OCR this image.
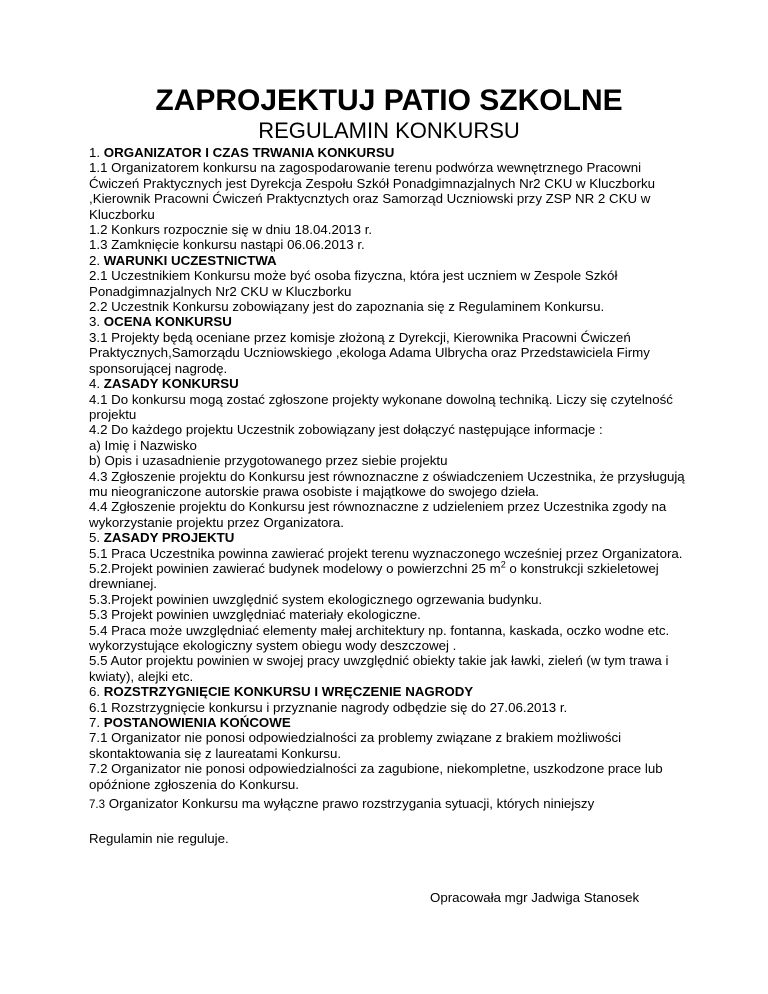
ZAPROJEKTUJ PATIO SZKOLNE
REGULAMIN KONKURSU

1. ORGANIZATOR I CZAS TRWANIA KONKURSU

1.1 Organizatorem konkursu na zagospodarowanie terenu podwórza wewnętrznego Pracowni Ćwiczeń Praktycznych jest Dyrekcja Zespołu Szkół Ponadgimnazjalnych Nr2 CKU w Kluczborku ,Kierownik Pracowni Ćwiczeń Praktycnztych oraz Samorząd Uczniowski przy ZSP NR 2 CKU w Kluczborku

1.2 Konkurs rozpocznie się w dniu 18.04.2013 r.

1.3 Zamknięcie konkursu nastąpi 06.06.2013 r.

2. WARUNKI UCZESTNICTWA

2.1 Uczestnikiem Konkursu może być osoba fizyczna, która jest uczniem w Zespole Szkół Ponadgimnazjalnych Nr2 CKU w Kluczborku

2.2 Uczestnik Konkursu zobowiązany jest do zapoznania się z Regulaminem Konkursu.

3. OCENA KONKURSU

3.1 Projekty będą oceniane przez komisje złożoną z Dyrekcji, Kierownika Pracowni Ćwiczeń Praktycznych,Samorządu Uczniowskiego ,ekologa Adama Ulbrycha oraz Przedstawiciela Firmy sponsorującej nagrodę.

4. ZASADY KONKURSU

4.1 Do konkursu mogą zostać zgłoszone projekty wykonane dowolną techniką. Liczy się czytelność projektu

4.2 Do każdego projektu Uczestnik zobowiązany jest dołączyć następujące informacje :

a) Imię i Nazwisko

b) Opis i uzasadnienie przygotowanego przez siebie projektu

4.3 Zgłoszenie projektu do Konkursu jest równoznaczne z oświadczeniem Uczestnika, że przysługują mu nieograniczone autorskie prawa osobiste i majątkowe do swojego dzieła.

4.4 Zgłoszenie projektu do Konkursu jest równoznaczne z udzieleniem przez Uczestnika zgody na wykorzystanie projektu przez Organizatora.

5. ZASADY PROJEKTU

5.1 Praca Uczestnika powinna zawierać projekt terenu wyznaczonego wcześniej przez Organizatora.

5.2.Projekt powinien zawierać budynek modelowy o powierzchni 25 $m^2$ o konstrukcji szkieletowej drewnianej.

5.3.Projekt powinien uwzględnić system ekologicznego ogrzewania budynku.

5.3 Projekt powinien uwzględniać materiały ekologiczne.

5.4 Praca może uwzględniać elementy małej architektury np. fontanna, kaskada, oczko wodne etc. wykorzystujące ekologiczny system obiegu wody deszczowej .

5.5 Autor projektu powinien w swojej pracy uwzględnić obiekty takie jak ławki, zieleń (w tym trawa i kwiaty), alejki etc.

6. ROZSTRZYGNIĘCIE KONKURSU I WRĘCZENIE NAGRODY

6.1 Rozstrzygnięcie konkursu i przyznanie nagrody odbędzie się do 27.06.2013 r.

7. POSTANOWIENIA KOŃCOWE

7.1 Organizator nie ponosi odpowiedzialności za problemy związane z brakiem możliwości skontaktowania się z laureatami Konkursu.

7.2 Organizator nie ponosi odpowiedzialności za zagubione, niekompletne, uszkodzone prace lub opóźnione zgłoszenia do Konkursu.

7.3 Organizator Konkursu ma wyłączne prawo rozstrzygania sytuacji, których niniejszy

Regulamin nie reguluje.

Opracowała mgr Jadwiga Stanosek
